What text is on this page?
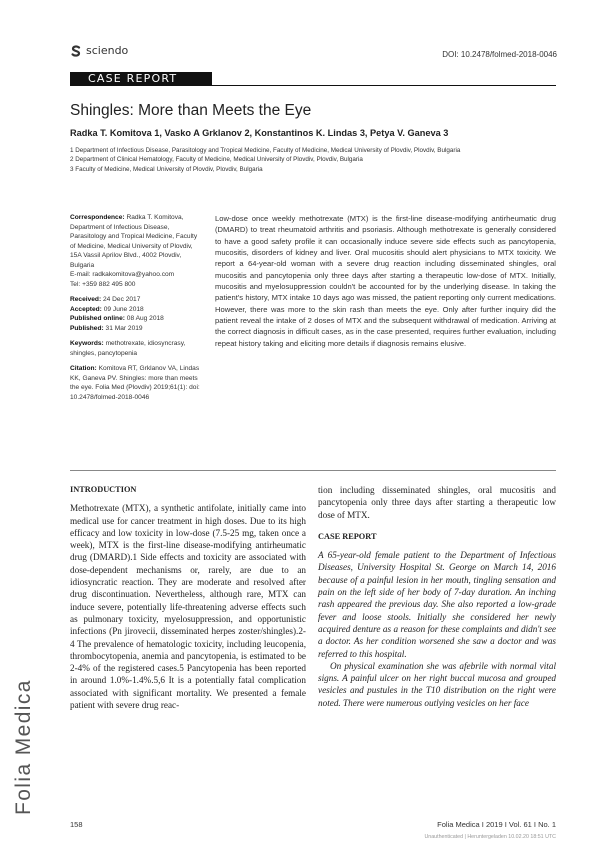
sciendo	DOI: 10.2478/folmed-2018-0046
CASE REPORT
Shingles: More than Meets the Eye
Radka T. Komitova 1, Vasko A Grklanov 2, Konstantinos K. Lindas 3, Petya V. Ganeva 3
1 Department of Infectious Disease, Parasitology and Tropical Medicine, Faculty of Medicine, Medical University of Plovdiv, Plovdiv, Bulgaria
2 Department of Clinical Hematology, Faculty of Medicine, Medical University of Plovdiv, Plovdiv, Bulgaria
3 Faculty of Medicine, Medical University of Plovdiv, Plovdiv, Bulgaria
Correspondence: Radka T. Komitova, Department of Infectious Disease, Parasitology and Tropical Medicine, Faculty of Medicine, Medical University of Plovdiv, 15A Vassil Aprilov Blvd., 4002 Plovdiv, Bulgaria
E-mail: radkakomitova@yahoo.com
Tel: +359 882 495 800
Received: 24 Dec 2017
Accepted: 09 June 2018
Published online: 08 Aug 2018
Published: 31 Mar 2019
Keywords: methotrexate, idiosyncrasy, shingles, pancytopenia
Citation: Komitova RT, Grklanov VA, Lindas KK, Ganeva PV. Shingles: more than meets the eye. Folia Med (Plovdiv) 2019;61(1): doi: 10.2478/folmed-2018-0046
Low-dose once weekly methotrexate (MTX) is the first-line disease-modifying antirheumatic drug (DMARD) to treat rheumatoid arthritis and psoriasis. Although methotrexate is generally considered to have a good safety profile it can occasionally induce severe side effects such as pancytopenia, mucositis, disorders of kidney and liver. Oral mucositis should alert physicians to MTX toxicity. We report a 64-year-old woman with a severe drug reaction including disseminated shingles, oral mucositis and pancytopenia only three days after starting a therapeutic low-dose of MTX. Initially, mucositis and myelosuppression couldn't be accounted for by the underlying disease. In taking the patient's history, MTX intake 10 days ago was missed, the patient reporting only current medications. However, there was more to the skin rash than meets the eye. Only after further inquiry did the patient reveal the intake of 2 doses of MTX and the subsequent withdrawal of medication. Arriving at the correct diagnosis in difficult cases, as in the case presented, requires further evaluation, including repeat history taking and eliciting more details if diagnosis remains elusive.
INTRODUCTION
Methotrexate (MTX), a synthetic antifolate, initially came into medical use for cancer treatment in high doses. Due to its high efficacy and low toxicity in low-dose (7.5-25 mg, taken once a week), MTX is the first-line disease-modifying antirheumatic drug (DMARD).1 Side effects and toxicity are associated with dose-dependent mechanisms or, rarely, are due to an idiosyncratic reaction. They are moderate and resolved after drug discontinuation. Nevertheless, although rare, MTX can induce severe, potentially life-threatening adverse effects such as pulmonary toxicity, myelosuppression, and opportunistic infections (Pn jirovecii, disseminated herpes zoster/shingles).2-4 The prevalence of hematologic toxicity, including leucopenia, thrombocytopenia, anemia and pancytopenia, is estimated to be 2-4% of the registered cases.5 Pancytopenia has been reported in around 1.0%-1.4%.5,6 It is a potentially fatal complication associated with significant mortality. We presented a female patient with severe drug reac-
tion including disseminated shingles, oral mucositis and pancytopenia only three days after starting a therapeutic low dose of MTX.
CASE REPORT
A 65-year-old female patient to the Department of Infectious Diseases, University Hospital St. George on March 14, 2016 because of a painful lesion in her mouth, tingling sensation and pain on the left side of her body of 7-day duration. An inching rash appeared the previous day. She also reported a low-grade fever and loose stools. Initially she considered her newly acquired denture as a reason for these complaints and didn't see a doctor. As her condition worsened she saw a doctor and was referred to this hospital.
On physical examination she was afebrile with normal vital signs. A painful ulcer on her right buccal mucosa and grouped vesicles and pustules in the T10 distribution on the right were noted. There were numerous outlying vesicles on her face
Folia Medica
158	Folia Medica I 2019 I Vol. 61 I No. 1
Unauthenticated | Heruntergeladen 10.02.20 18:51 UTC
